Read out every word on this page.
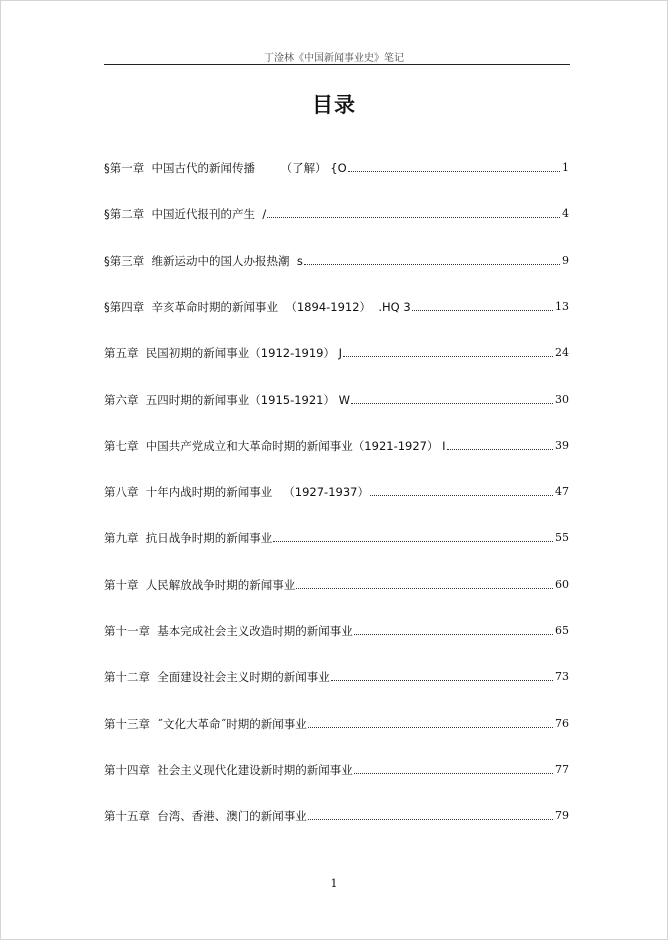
丁淦林《中国新闻事业史》笔记
目录
§第一章  中国古代的新闻传播       （了解） {O	1
§第二章  中国近代报刊的产生  /	4
§第三章  维新运动中的国人办报热潮  s	9
§第四章  辛亥革命时期的新闻事业  （1894-1912）  .HQ 3	13
第五章  民国初期的新闻事业（1912-1919） J	24
第六章  五四时期的新闻事业（1915-1921） W	30
第七章  中国共产党成立和大革命时期的新闻事业（1921-1927） I	39
第八章  十年内战时期的新闻事业   （1927-1937）	47
第九章  抗日战争时期的新闻事业	55
第十章  人民解放战争时期的新闻事业	60
第十一章  基本完成社会主义改造时期的新闻事业	65
第十二章  全面建设社会主义时期的新闻事业	73
第十三章  ˝文化大革命˝时期的新闻事业	76
第十四章  社会主义现代化建设新时期的新闻事业	77
第十五章  台湾、香港、澳门的新闻事业	79
1
